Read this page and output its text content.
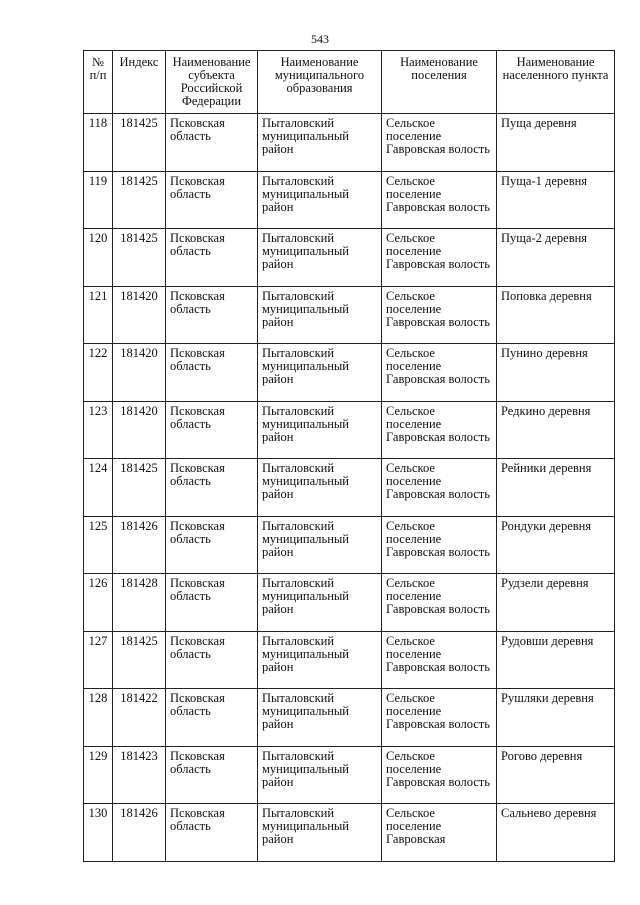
543
№ п/п	Индекс	Наименование субъекта Российской Федерации	Наименование муниципального образования	Наименование поселения	Наименование населенного пункта
118	181425	Псковская область	Пыталовский муниципальный район	Сельское поселение Гавровская волость	Пуща деревня
119	181425	Псковская область	Пыталовский муниципальный район	Сельское поселение Гавровская волость	Пуща-1 деревня
120	181425	Псковская область	Пыталовский муниципальный район	Сельское поселение Гавровская волость	Пуща-2 деревня
121	181420	Псковская область	Пыталовский муниципальный район	Сельское поселение Гавровская волость	Поповка деревня
122	181420	Псковская область	Пыталовский муниципальный район	Сельское поселение Гавровская волость	Пунино деревня
123	181420	Псковская область	Пыталовский муниципальный район	Сельское поселение Гавровская волость	Редкино деревня
124	181425	Псковская область	Пыталовский муниципальный район	Сельское поселение Гавровская волость	Рейники деревня
125	181426	Псковская область	Пыталовский муниципальный район	Сельское поселение Гавровская волость	Рондуки деревня
126	181428	Псковская область	Пыталовский муниципальный район	Сельское поселение Гавровская волость	Рудзели деревня
127	181425	Псковская область	Пыталовский муниципальный район	Сельское поселение Гавровская волость	Рудовши деревня
128	181422	Псковская область	Пыталовский муниципальный район	Сельское поселение Гавровская волость	Рушляки деревня
129	181423	Псковская область	Пыталовский муниципальный район	Сельское поселение Гавровская волость	Рогово деревня
130	181426	Псковская область	Пыталовский муниципальный район	Сельское поселение Гавровская	Сальнево деревня
